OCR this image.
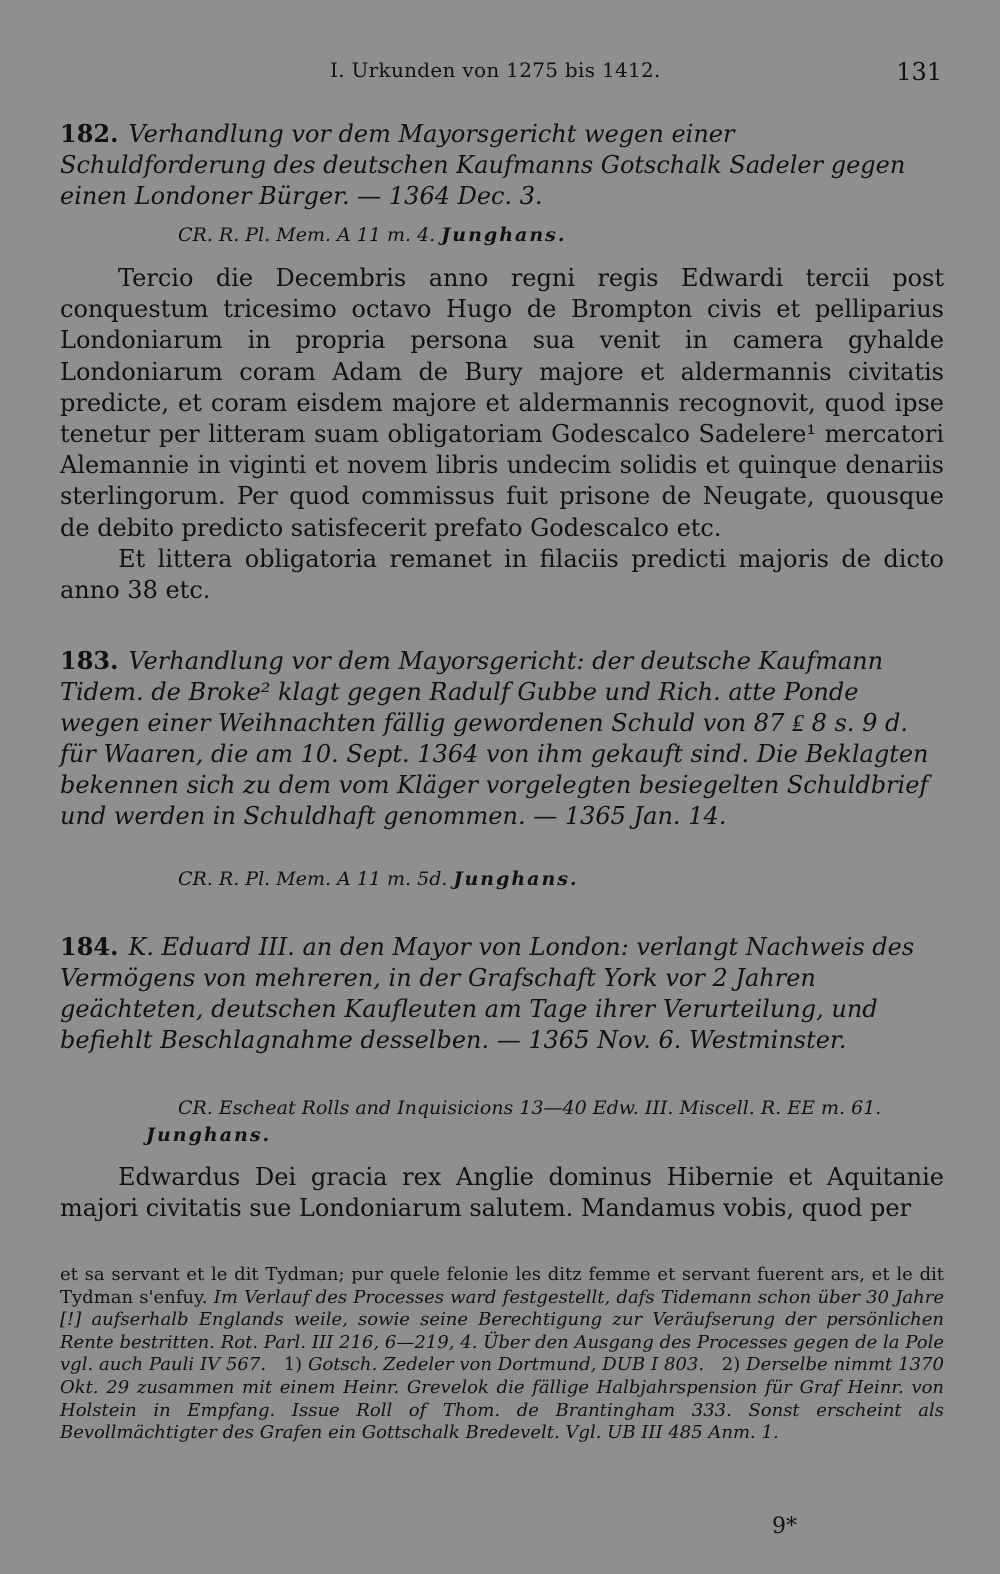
I. Urkunden von 1275 bis 1412.	131
182. Verhandlung vor dem Mayorsgericht wegen einer Schuldforderung des deutschen Kaufmanns Gotschalk Sadeler gegen einen Londoner Bürger. — 1364 Dec. 3.
CR. R. Pl. Mem. A 11 m. 4. Junghans.

Tercio die Decembris anno regni regis Edwardi tercii post conquestum tricesimo octavo Hugo de Brompton civis et pelliparius Londoniarum in propria persona sua venit in camera gyhalde Londoniarum coram Adam de Bury majore et aldermannis civitatis predicte, et coram eisdem majore et aldermannis recognovit, quod ipse tenetur per litteram suam obligatoriam Godescalco Sadelere¹ mercatori Alemannie in viginti et novem libris undecim solidis et quinque denariis sterlingorum. Per quod commissus fuit prisone de Neugate, quousque de debito predicto satisfecerit prefato Godescalco etc.

Et littera obligatoria remanet in filaciis predicti majoris de dicto anno 38 etc.

183. Verhandlung vor dem Mayorsgericht: der deutsche Kaufmann Tidem. de Broke² klagt gegen Radulf Gubbe und Rich. atte Ponde wegen einer Weihnachten fällig gewordenen Schuld von 87 ₤ 8 s. 9 d. für Waaren, die am 10. Sept. 1364 von ihm gekauft sind. Die Beklagten bekennen sich zu dem vom Kläger vorgelegten besiegelten Schuldbrief und werden in Schuldhaft genommen. — 1365 Jan. 14.
CR. R. Pl. Mem. A 11 m. 5d. Junghans.
184. K. Eduard III. an den Mayor von London: verlangt Nachweis des Vermögens von mehreren, in der Grafschaft York vor 2 Jahren geächteten, deutschen Kaufleuten am Tage ihrer Verurteilung, und befiehlt Beschlagnahme desselben. — 1365 Nov. 6. Westminster.
CR. Escheat Rolls and Inquisicions 13—40 Edw. III. Miscell. R. EE m. 61. Junghans.

Edwardus Dei gracia rex Anglie dominus Hibernie et Aquitanie majori civitatis sue Londoniarum salutem. Mandamus vobis, quod per

et sa servant et le dit Tydman; pur quele felonie les ditz femme et servant fuerent ars, et le dit Tydman s'enfuy. Im Verlauf des Processes ward festgestellt, dafs Tidemann schon über 30 Jahre [!] aufserhalb Englands weile, sowie seine Berechtigung zur Veräufserung der persönlichen Rente bestritten. Rot. Parl. III 216, 6—219, 4. Über den Ausgang des Processes gegen de la Pole vgl. auch Pauli IV 567. 1) Gotsch. Zedeler von Dortmund, DUB I 803. 2) Derselbe nimmt 1370 Okt. 29 zusammen mit einem Heinr. Grevelok die fällige Halbjahrspension für Graf Heinr. von Holstein in Empfang. Issue Roll of Thom. de Brantingham 333. Sonst erscheint als Bevollmächtigter des Grafen ein Gottschalk Bredevelt. Vgl. UB III 485 Anm. 1.
9*
